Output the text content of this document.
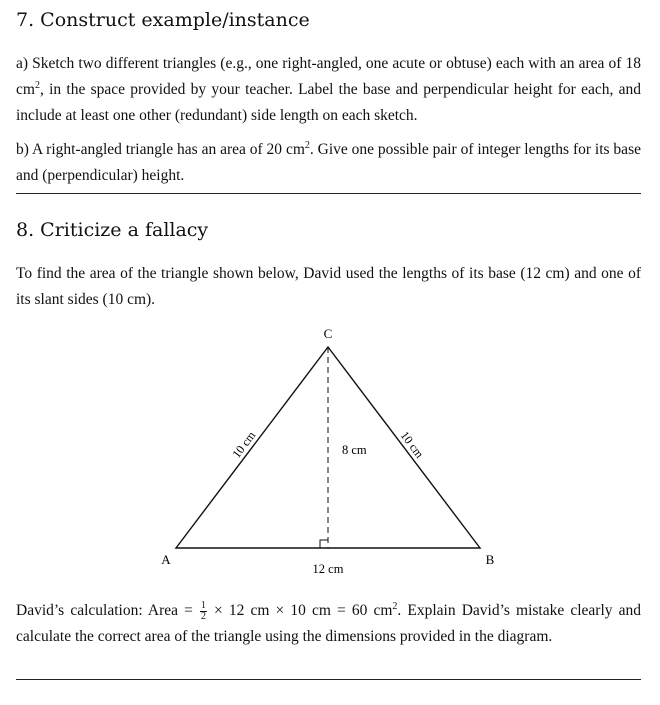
7. Construct example/instance

a) Sketch two different triangles (e.g., one right-angled, one acute or obtuse) each with an area of 18 $cm^2$, in the space provided by your teacher. Label the base and perpendicular height for each, and include at least one other (redundant) side length on each sketch.

b) A right-angled triangle has an area of 20 $cm^2$. Give one possible pair of integer lengths for its base and (perpendicular) height.

8. Criticize a fallacy

To find the area of the triangle shown below, David used the lengths of its base (12 cm) and one of its slant sides (10 cm).

C
A	B
10 cm	10 cm
8 cm
12 cm

David’s calculation: Area = $\frac{1}{2} \times 12$ cm × 10 cm = 60 $cm^2$. Explain David’s mistake clearly and calculate the correct area of the triangle using the dimensions provided in the diagram.
